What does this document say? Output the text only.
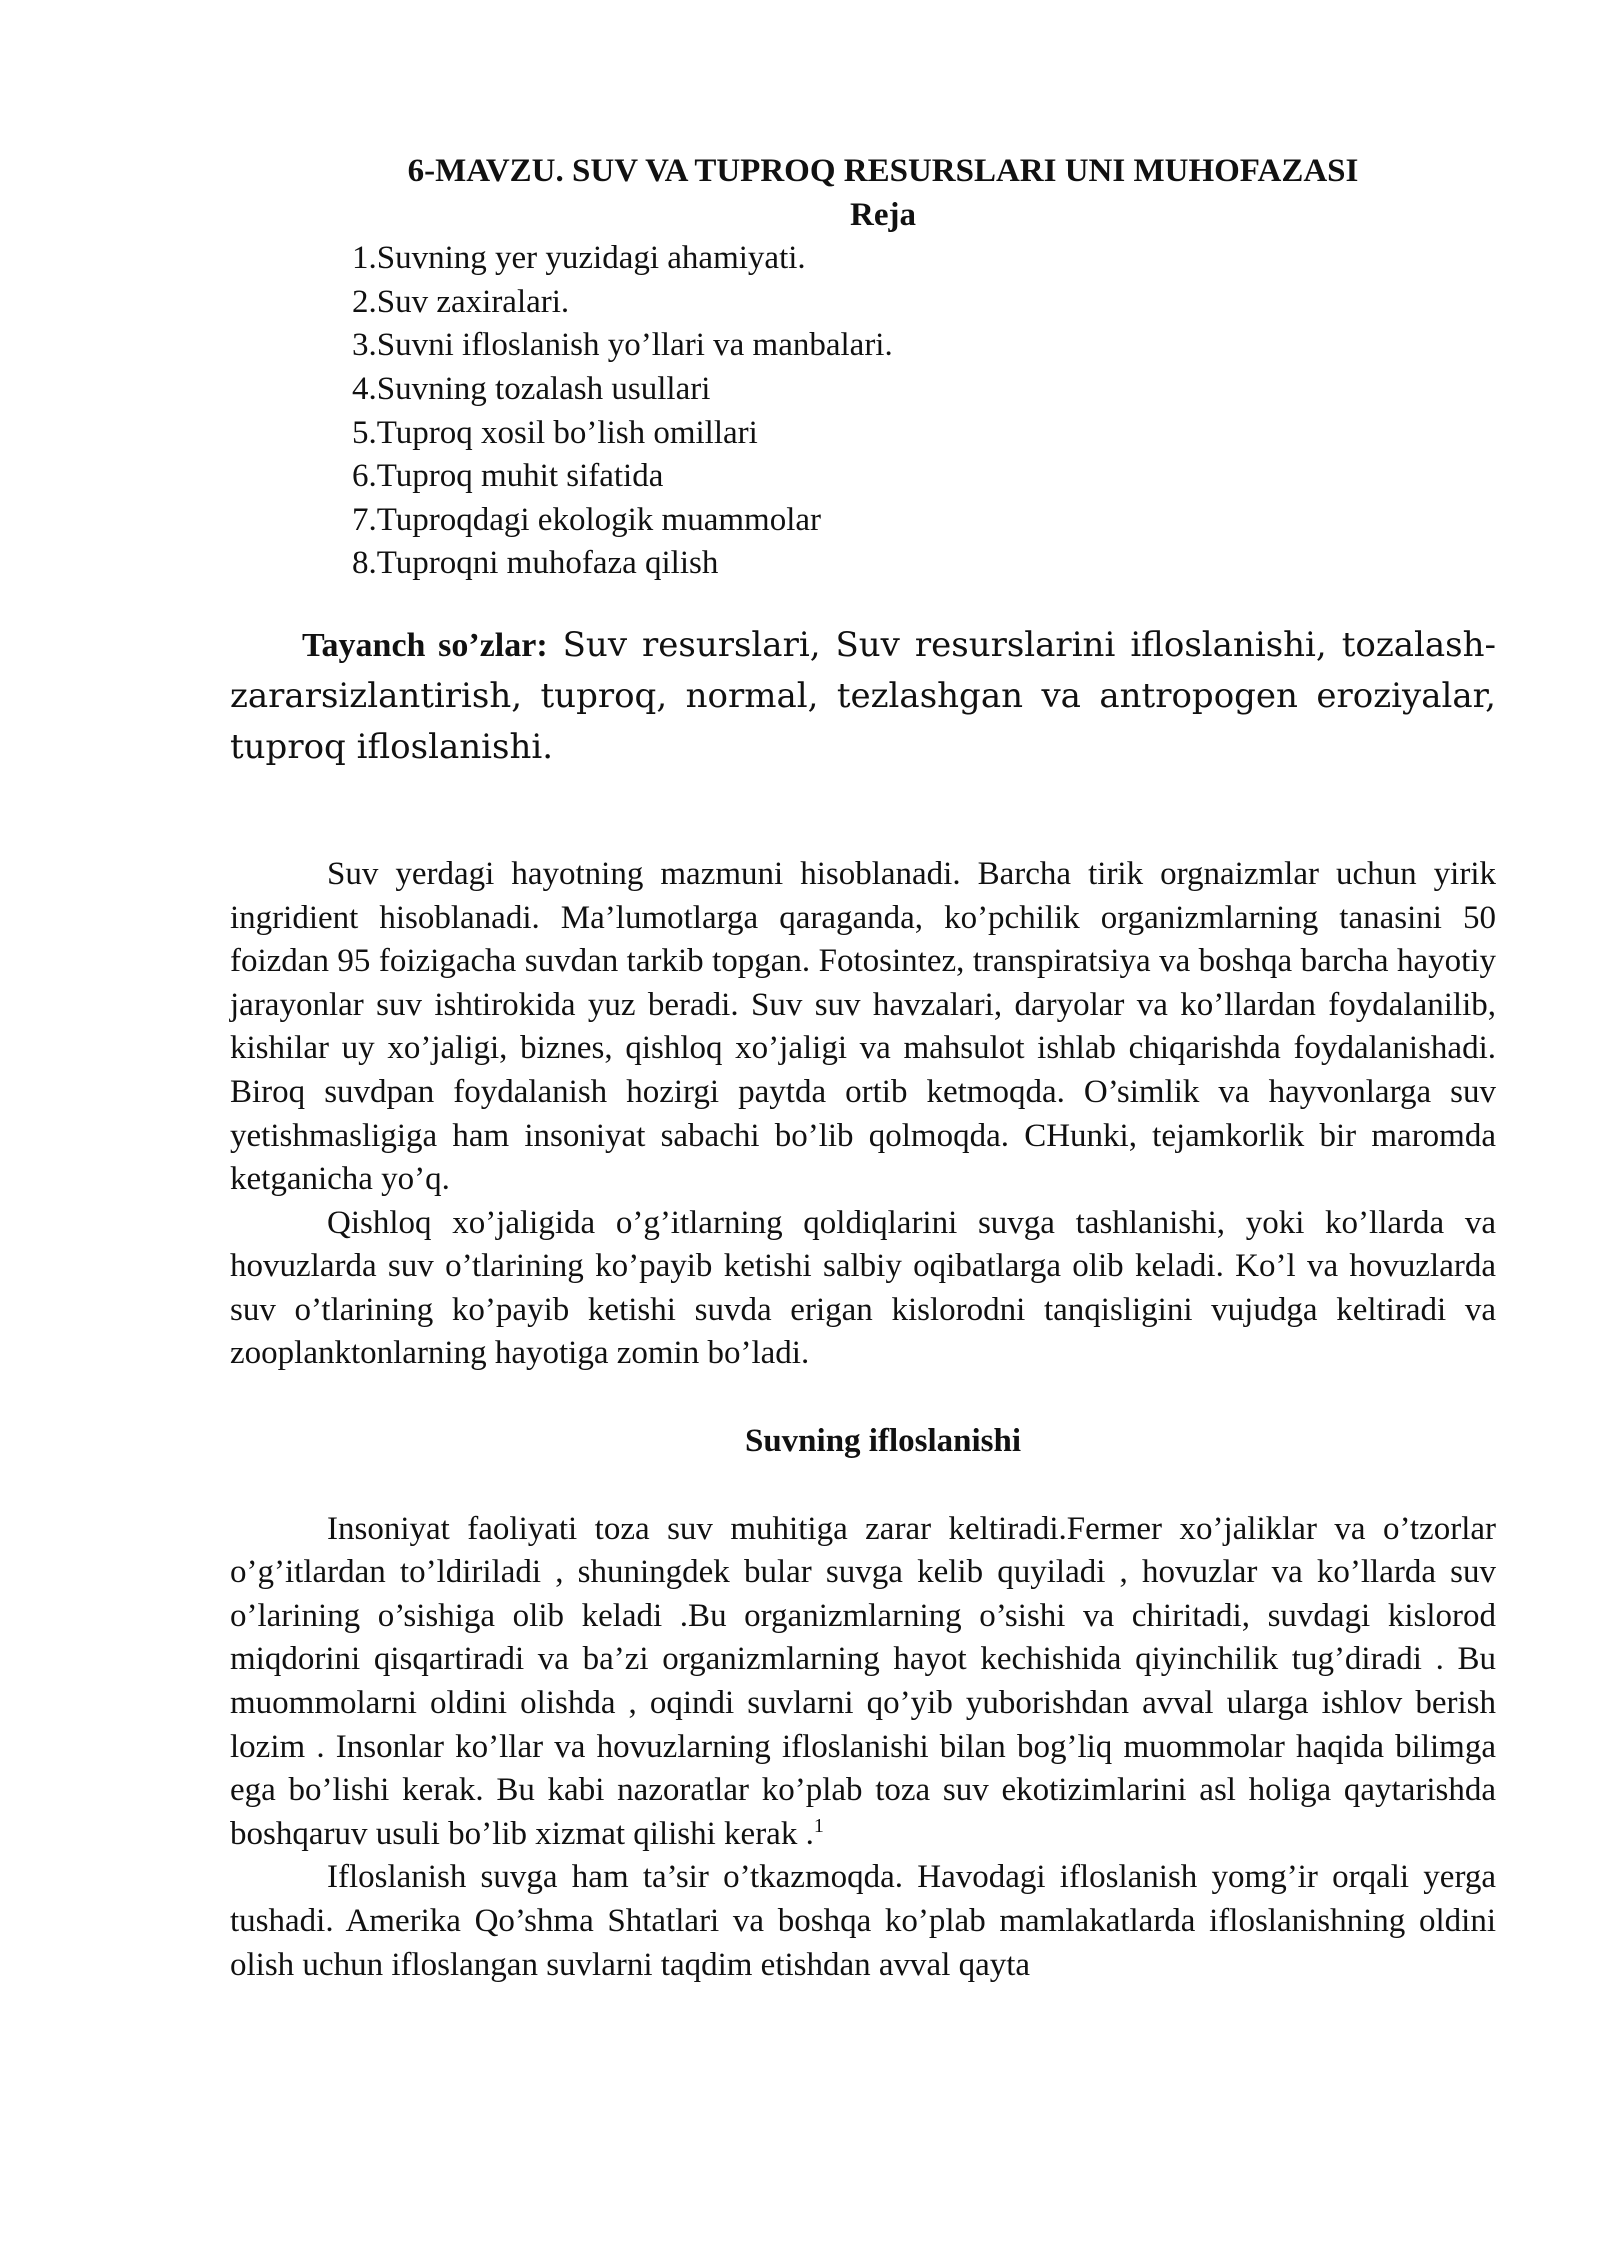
6-MAVZU. SUV VA TUPROQ RESURSLARI UNI MUHOFAZASI

Reja

1.Suvning yer yuzidagi ahamiyati.
2.Suv zaxiralari.
3.Suvni ifloslanish yo’llari va manbalari.
4.Suvning tozalash usullari
5.Tuproq xosil bo’lish omillari
6.Tuproq muhit sifatida
7.Tuproqdagi ekologik muammolar
8.Tuproqni muhofaza qilish

Tayanch so’zlar: Suv resurslari, Suv resurslarini ifloslanishi, tozalash-zararsizlantirish, tuproq, normal, tezlashgan va antropogen eroziyalar, tuproq ifloslanishi.

Suv yerdagi hayotning mazmuni hisoblanadi. Barcha tirik orgnaizmlar uchun yirik ingridient hisoblanadi. Ma’lumotlarga qaraganda, ko’pchilik organizmlarning tanasini 50 foizdan 95 foizigacha suvdan tarkib topgan. Fotosintez, transpiratsiya va boshqa barcha hayotiy jarayonlar suv ishtirokida yuz beradi. Suv suv havzalari, daryolar va ko’llardan foydalanilib, kishilar uy xo’jaligi, biznes, qishloq xo’jaligi va mahsulot ishlab chiqarishda foydalanishadi. Biroq suvdpan foydalanish hozirgi paytda ortib ketmoqda. O’simlik va hayvonlarga suv yetishmasligiga ham insoniyat sabachi bo’lib qolmoqda. CHunki, tejamkorlik bir maromda ketganicha yo’q.

Qishloq xo’jaligida o’g’itlarning qoldiqlarini suvga tashlanishi, yoki ko’llarda va hovuzlarda suv o’tlarining ko’payib ketishi salbiy oqibatlarga olib keladi. Ko’l va hovuzlarda suv o’tlarining ko’payib ketishi suvda erigan kislorodni tanqisligini vujudga keltiradi va zooplanktonlarning hayotiga zomin bo’ladi.

Suvning ifloslanishi

Insoniyat faoliyati toza suv muhitiga zarar keltiradi.Fermer xo’jaliklar va o’tzorlar o’g’itlardan to’ldiriladi , shuningdek bular suvga kelib quyiladi , hovuzlar va ko’llarda suv o’larining o’sishiga olib keladi .Bu organizmlarning o’sishi va chiritadi, suvdagi kislorod miqdorini qisqartiradi va ba’zi organizmlarning hayot kechishida qiyinchilik tug’diradi . Bu muommolarni oldini olishda , oqindi suvlarni qo’yib yuborishdan avval ularga ishlov berish lozim . Insonlar ko’llar va hovuzlarning ifloslanishi bilan bog’liq muommolar haqida bilimga ega bo’lishi kerak. Bu kabi nazoratlar ko’plab toza suv ekotizimlarini asl holiga qaytarishda boshqaruv usuli bo’lib xizmat qilishi kerak .$^1$

Ifloslanish suvga ham ta’sir o’tkazmoqda. Havodagi ifloslanish yomg’ir orqali yerga tushadi. Amerika Qo’shma Shtatlari va boshqa ko’plab mamlakatlarda ifloslanishning oldini olish uchun ifloslangan suvlarni taqdim etishdan avval qayta
